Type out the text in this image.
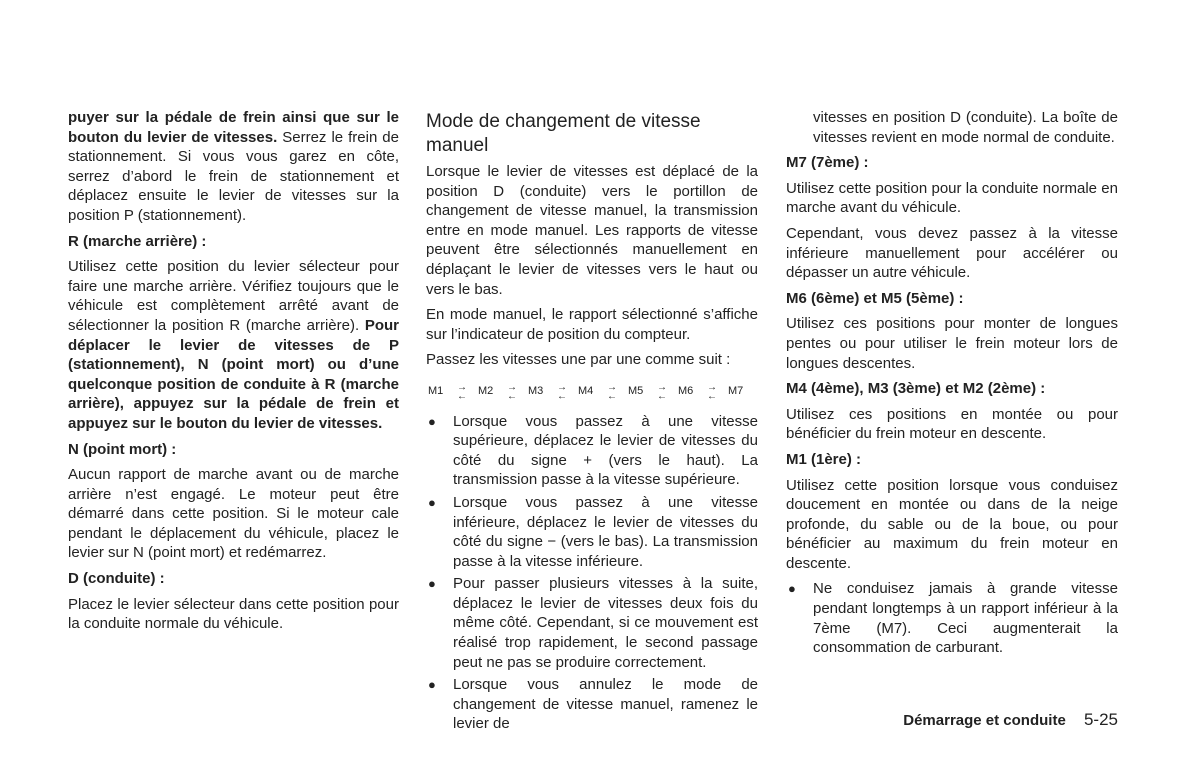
puyer sur la pédale de frein ainsi que sur le bouton du levier de vitesses. Serrez le frein de stationnement. Si vous vous garez en côte, serrez d’abord le frein de stationnement et déplacez ensuite le levier de vitesses sur la position P (stationnement).

R (marche arrière) :

Utilisez cette position du levier sélecteur pour faire une marche arrière. Vérifiez toujours que le véhicule est complètement arrêté avant de sélectionner la position R (marche arrière). Pour déplacer le levier de vitesses de P (stationnement), N (point mort) ou d’une quelconque position de conduite à R (marche arrière), appuyez sur la pédale de frein et appuyez sur le bouton du levier de vitesses.

N (point mort) :

Aucun rapport de marche avant ou de marche arrière n’est engagé. Le moteur peut être démarré dans cette position. Si le moteur cale pendant le déplacement du véhicule, placez le levier sur N (point mort) et redémarrez.

D (conduite) :

Placez le levier sélecteur dans cette position pour la conduite normale du véhicule.

Mode de changement de vitesse manuel

Lorsque le levier de vitesses est déplacé de la position D (conduite) vers le portillon de changement de vitesse manuel, la transmission entre en mode manuel. Les rapports de vitesse peuvent être sélectionnés manuellement en déplaçant le levier de vitesses vers le haut ou vers le bas.

En mode manuel, le rapport sélectionné s’affiche sur l’indicateur de position du compteur.

Passez les vitesses une par une comme suit :

M1 →
← M2 →
← M3 →
← M4 →
← M5 →
← M6 →
← M7
● Lorsque vous passez à une vitesse supérieure, déplacez le levier de vitesses du côté du signe + (vers le haut). La transmission passe à la vitesse supérieure.
● Lorsque vous passez à une vitesse inférieure, déplacez le levier de vitesses du côté du signe − (vers le bas). La transmission passe à la vitesse inférieure.
● Pour passer plusieurs vitesses à la suite, déplacez le levier de vitesses deux fois du même côté. Cependant, si ce mouvement est réalisé trop rapidement, le second passage peut ne pas se produire correctement.
● Lorsque vous annulez le mode de changement de vitesse manuel, ramenez le levier de

vitesses en position D (conduite). La boîte de vitesses revient en mode normal de conduite.

M7 (7ème) :

Utilisez cette position pour la conduite normale en marche avant du véhicule.

Cependant, vous devez passez à la vitesse inférieure manuellement pour accélérer ou dépasser un autre véhicule.

M6 (6ème) et M5 (5ème) :

Utilisez ces positions pour monter de longues pentes ou pour utiliser le frein moteur lors de longues descentes.

M4 (4ème), M3 (3ème) et M2 (2ème) :

Utilisez ces positions en montée ou pour bénéficier du frein moteur en descente.

M1 (1ère) :

Utilisez cette position lorsque vous conduisez doucement en montée ou dans de la neige profonde, du sable ou de la boue, ou pour bénéficier au maximum du frein moteur en descente.

● Ne conduisez jamais à grande vitesse pendant longtemps à un rapport inférieur à la 7ème (M7). Ceci augmenterait la consommation de carburant.
Démarrage et conduite 5-25
